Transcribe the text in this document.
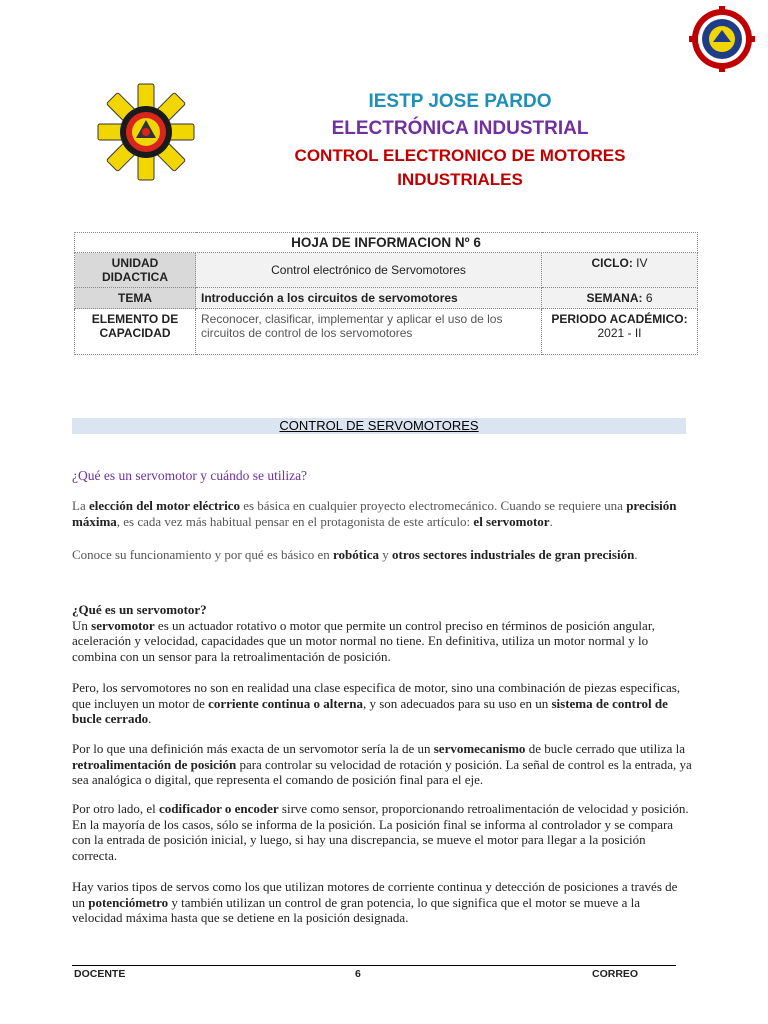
IESTP JOSE PARDO
ELECTRÓNICA INDUSTRIAL
CONTROL ELECTRONICO DE MOTORES
INDUSTRIALES
HOJA DE INFORMACION Nº 6		
UNIDAD DIDACTICA	Control electrónico de Servomotores	CICLO: IV
TEMA	Introducción a los circuitos de servomotores	SEMANA: 6
ELEMENTO DE CAPACIDAD	Reconocer, clasificar, implementar y aplicar el uso de los circuitos de control de los servomotores	PERIODO ACADÉMICO:
2021 - II
CONTROL DE SERVOMOTORES
¿Qué es un servomotor y cuándo se utiliza?
La elección del motor eléctrico es básica en cualquier proyecto electromecánico. Cuando se requiere una precisión máxima, es cada vez más habitual pensar en el protagonista de este artículo: el servomotor.
Conoce su funcionamiento y por qué es básico en robótica y otros sectores industriales de gran precisión.
¿Qué es un servomotor?
Un servomotor es un actuador rotativo o motor que permite un control preciso en términos de posición angular, aceleración y velocidad, capacidades que un motor normal no tiene. En definitiva, utiliza un motor normal y lo combina con un sensor para la retroalimentación de posición.
Pero, los servomotores no son en realidad una clase especifica de motor, sino una combinación de piezas especificas, que incluyen un motor de corriente continua o alterna, y son adecuados para su uso en un sistema de control de bucle cerrado.
Por lo que una definición más exacta de un servomotor sería la de un servomecanismo de bucle cerrado que utiliza la retroalimentación de posición para controlar su velocidad de rotación y posición. La señal de control es la entrada, ya sea analógica o digital, que representa el comando de posición final para el eje.
Por otro lado, el codificador o encoder sirve como sensor, proporcionando retroalimentación de velocidad y posición. En la mayoría de los casos, sólo se informa de la posición. La posición final se informa al controlador y se compara con la entrada de posición inicial, y luego, si hay una discrepancia, se mueve el motor para llegar a la posición correcta.
Hay varios tipos de servos como los que utilizan motores de corriente continua y detección de posiciones a través de un potenciómetro y también utilizan un control de gran potencia, lo que significa que el motor se mueve a la velocidad máxima hasta que se detiene en la posición designada.
DOCENTE	6	CORREO
